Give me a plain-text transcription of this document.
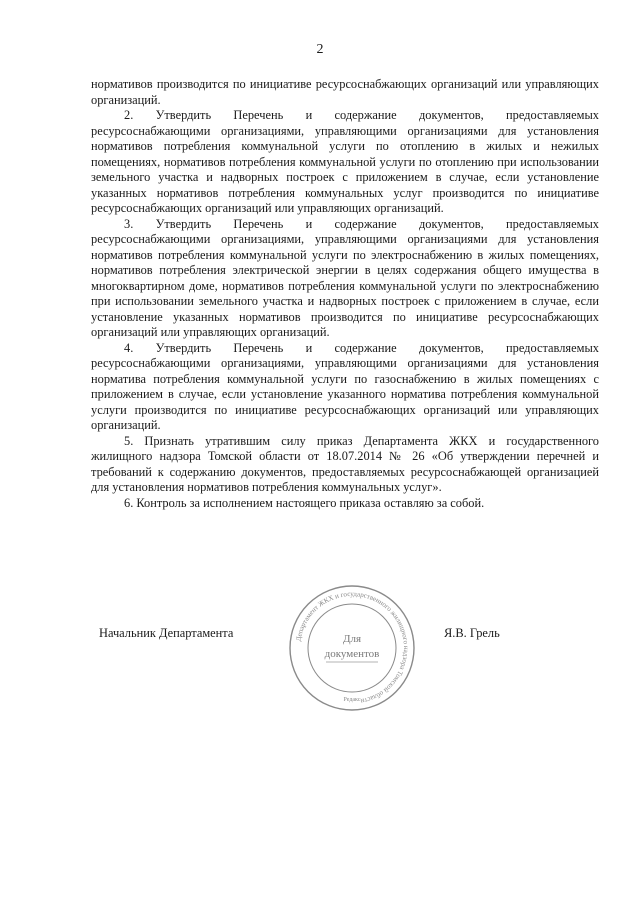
2

нормативов производится по инициативе ресурсоснабжающих организаций или управляющих организаций.

2. Утвердить Перечень и содержание документов, предоставляемых ресурсоснабжающими организациями, управляющими организациями для установления нормативов потребления коммунальной услуги по отоплению в жилых и нежилых помещениях, нормативов потребления коммунальной услуги по отоплению при использовании земельного участка и надворных построек с приложением в случае, если установление указанных нормативов потребления коммунальных услуг производится по инициативе ресурсоснабжающих организаций или управляющих организаций.

3. Утвердить Перечень и содержание документов, предоставляемых ресурсоснабжающими организациями, управляющими организациями для установления нормативов потребления коммунальной услуги по электроснабжению в жилых помещениях, нормативов потребления электрической энергии в целях содержания общего имущества в многоквартирном доме, нормативов потребления коммунальной услуги по электроснабжению при использовании земельного участка и надворных построек с приложением в случае, если установление указанных нормативов производится по инициативе ресурсоснабжающих организаций или управляющих организаций.

4. Утвердить Перечень и содержание документов, предоставляемых ресурсоснабжающими организациями, управляющими организациями для установления норматива потребления коммунальной услуги по газоснабжению в жилых помещениях с приложением в случае, если установление указанного норматива потребления коммунальной услуги производится по инициативе ресурсоснабжающих организаций или управляющих организаций.

5. Признать утратившим силу приказ Департамента ЖКХ и государственного жилищного надзора Томской области от 18.07.2014 № 26 «Об утверждении перечней и требований к содержанию документов, предоставляемых ресурсоснабжающей организацией для установления нормативов потребления коммунальных услуг».

6. Контроль за исполнением настоящего приказа оставляю за собой.

Начальник Департамента	Департамент ЖКХ и государственного жилищного надзора Томской области
Для
документов
Редакс
Я.В. Грель
